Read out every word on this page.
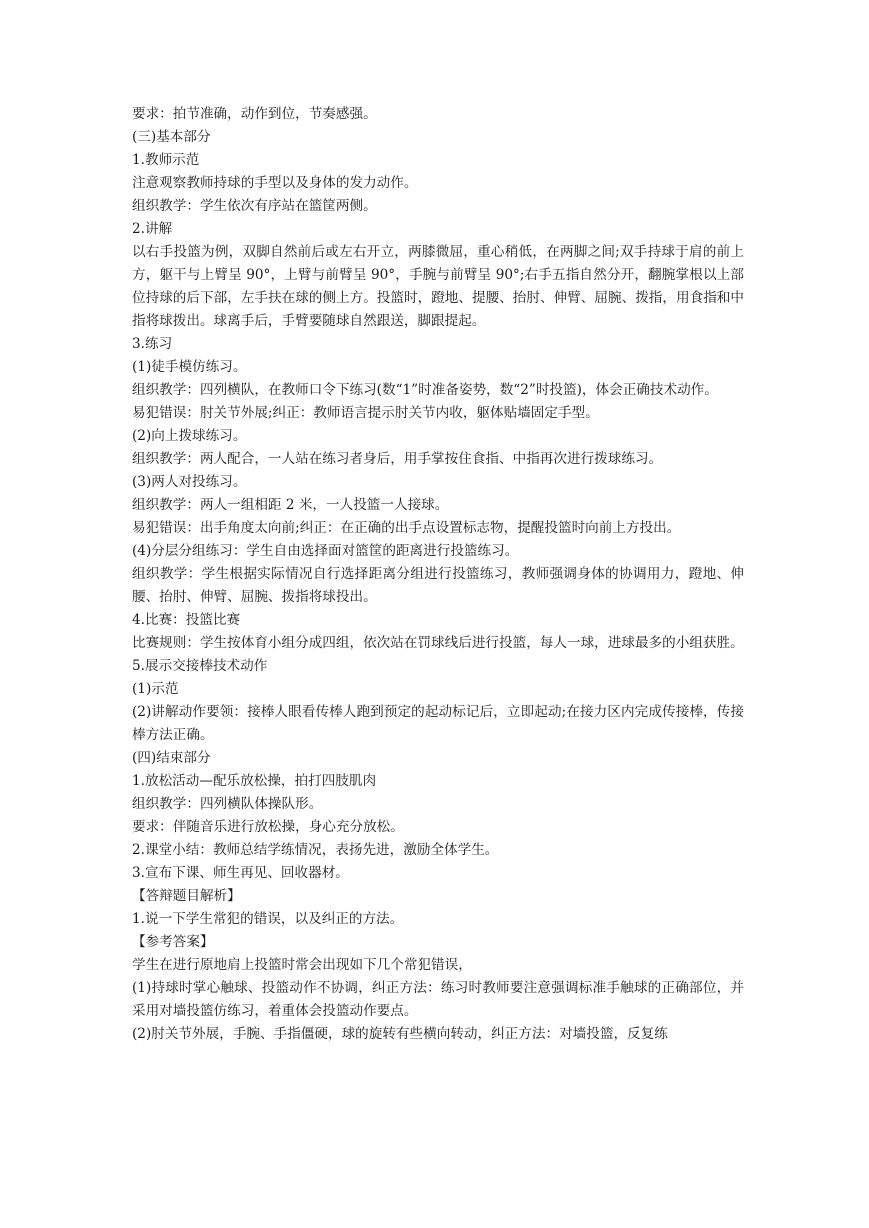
要求：拍节准确，动作到位，节奏感强。

(三)基本部分

1.教师示范

注意观察教师持球的手型以及身体的发力动作。

组织教学：学生依次有序站在篮筐两侧。

2.讲解

以右手投篮为例，双脚自然前后或左右开立，两膝微屈，重心稍低，在两脚之间;双手持球于肩的前上方，躯干与上臂呈 90°，上臂与前臂呈 90°，手腕与前臂呈 90°;右手五指自然分开，翻腕掌根以上部位持球的后下部，左手扶在球的侧上方。投篮时，蹬地、提腰、抬肘、伸臂、屈腕、拨指，用食指和中指将球拨出。球离手后，手臂要随球自然跟送，脚跟提起。

3.练习

(1)徒手模仿练习。

组织教学：四列横队，在教师口令下练习(数“1”时准备姿势，数“2”时投篮)，体会正确技术动作。

易犯错误：肘关节外展;纠正：教师语言提示肘关节内收，躯体贴墙固定手型。

(2)向上拨球练习。

组织教学：两人配合，一人站在练习者身后，用手掌按住食指、中指再次进行拨球练习。

(3)两人对投练习。

组织教学：两人一组相距 2 米，一人投篮一人接球。

易犯错误：出手角度太向前;纠正：在正确的出手点设置标志物，提醒投篮时向前上方投出。

(4)分层分组练习：学生自由选择面对篮筐的距离进行投篮练习。

组织教学：学生根据实际情况自行选择距离分组进行投篮练习，教师强调身体的协调用力，蹬地、伸腰、抬肘、伸臂、屈腕、拨指将球投出。

4.比赛：投篮比赛

比赛规则：学生按体育小组分成四组，依次站在罚球线后进行投篮，每人一球，进球最多的小组获胜。

5.展示交接棒技术动作

(1)示范

(2)讲解动作要领：接棒人眼看传棒人跑到预定的起动标记后，立即起动;在接力区内完成传接棒，传接棒方法正确。

(四)结束部分

1.放松活动—配乐放松操，拍打四肢肌肉

组织教学：四列横队体操队形。

要求：伴随音乐进行放松操，身心充分放松。

2.课堂小结：教师总结学练情况，表扬先进，激励全体学生。

3.宣布下课、师生再见、回收器材。

【答辩题目解析】

1.说一下学生常犯的错误，以及纠正的方法。

【参考答案】

学生在进行原地肩上投篮时常会出现如下几个常犯错误，

(1)持球时掌心触球、投篮动作不协调，纠正方法：练习时教师要注意强调标准手触球的正确部位，并采用对墙投篮仿练习，着重体会投篮动作要点。

(2)肘关节外展，手腕、手指僵硬，球的旋转有些横向转动，纠正方法：对墙投篮，反复练
